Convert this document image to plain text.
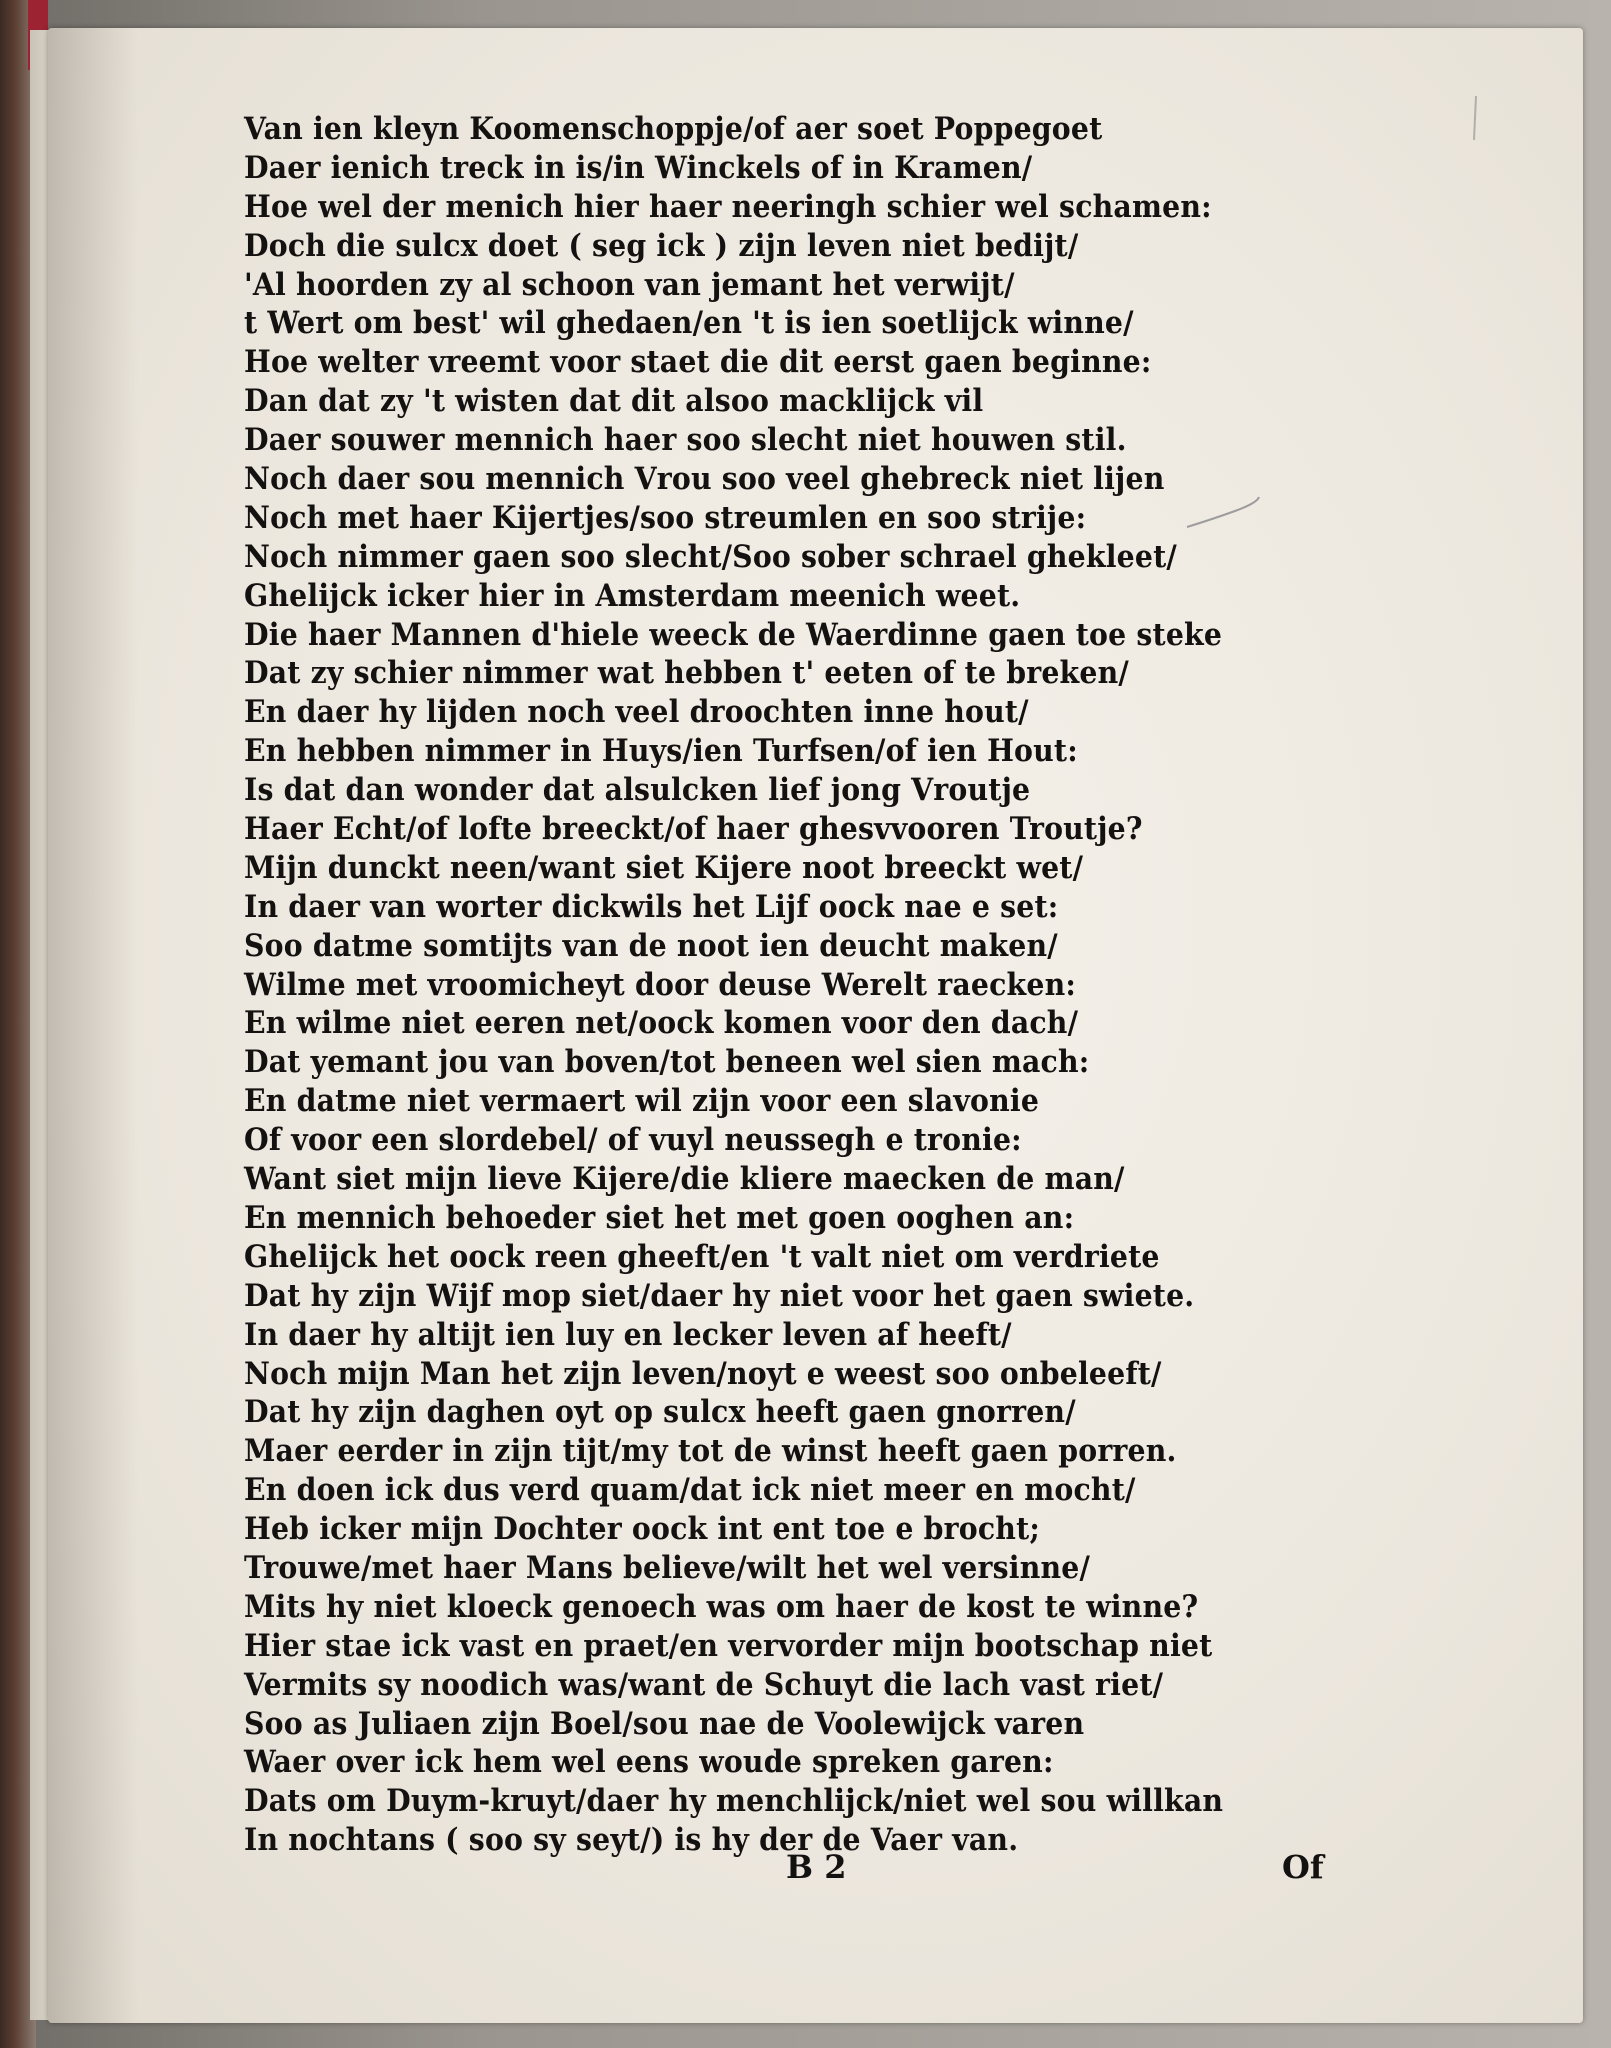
Van ien kleyn Koomenschoppje/of aer soet Poppegoet
Daer ienich treck in is/in Winckels of in Kramen/
Hoe wel der menich hier haer neeringh schier wel schamen:
Doch die sulcx doet ( seg ick ) zijn leven niet bedijt/
'Al hoorden zy al schoon van jemant het verwijt/
t Wert om best' wil ghedaen/en 't is ien soetlijck winne/
Hoe welter vreemt voor staet die dit eerst gaen beginne:
Dan dat zy 't wisten dat dit alsoo macklijck vil
Daer souwer mennich haer soo slecht niet houwen stil.
Noch daer sou mennich Vrou soo veel ghebreck niet lijen
Noch met haer Kijertjes/soo streumlen en soo strije:
Noch nimmer gaen soo slecht/Soo sober schrael ghekleet/
Ghelijck icker hier in Amsterdam meenich weet.
Die haer Mannen d'hiele weeck de Waerdinne gaen toe steke
Dat zy schier nimmer wat hebben t' eeten of te breken/
En daer hy lijden noch veel droochten inne hout/
En hebben nimmer in Huys/ien Turfsen/of ien Hout:
Is dat dan wonder dat alsulcken lief jong Vroutje
Haer Echt/of lofte breeckt/of haer ghesvvooren Troutje?
Mijn dunckt neen/want siet Kijere noot breeckt wet/
In daer van worter dickwils het Lijf oock nae e set:
Soo datme somtijts van de noot ien deucht maken/
Wilme met vroomicheyt door deuse Werelt raecken:
En wilme niet eeren net/oock komen voor den dach/
Dat yemant jou van boven/tot beneen wel sien mach:
En datme niet vermaert wil zijn voor een slavonie
Of voor een slordebel/ of vuyl neussegh e tronie:
Want siet mijn lieve Kijere/die kliere maecken de man/
En mennich behoeder siet het met goen ooghen an:
Ghelijck het oock reen gheeft/en 't valt niet om verdriete
Dat hy zijn Wijf mop siet/daer hy niet voor het gaen swiete.
In daer hy altijt ien luy en lecker leven af heeft/
Noch mijn Man het zijn leven/noyt e weest soo onbeleeft/
Dat hy zijn daghen oyt op sulcx heeft gaen gnorren/
Maer eerder in zijn tijt/my tot de winst heeft gaen porren.
En doen ick dus verd quam/dat ick niet meer en mocht/
Heb icker mijn Dochter oock int ent toe e brocht;
Trouwe/met haer Mans believe/wilt het wel versinne/
Mits hy niet kloeck genoech was om haer de kost te winne?
Hier stae ick vast en praet/en vervorder mijn bootschap niet
Vermits sy noodich was/want de Schuyt die lach vast riet/
Soo as Juliaen zijn Boel/sou nae de Voolewijck varen
Waer over ick hem wel eens woude spreken garen:
Dats om Duym-kruyt/daer hy menchlijck/niet wel sou willkan
In nochtans ( soo sy seyt/) is hy der de Vaer van.
B 2	Of
